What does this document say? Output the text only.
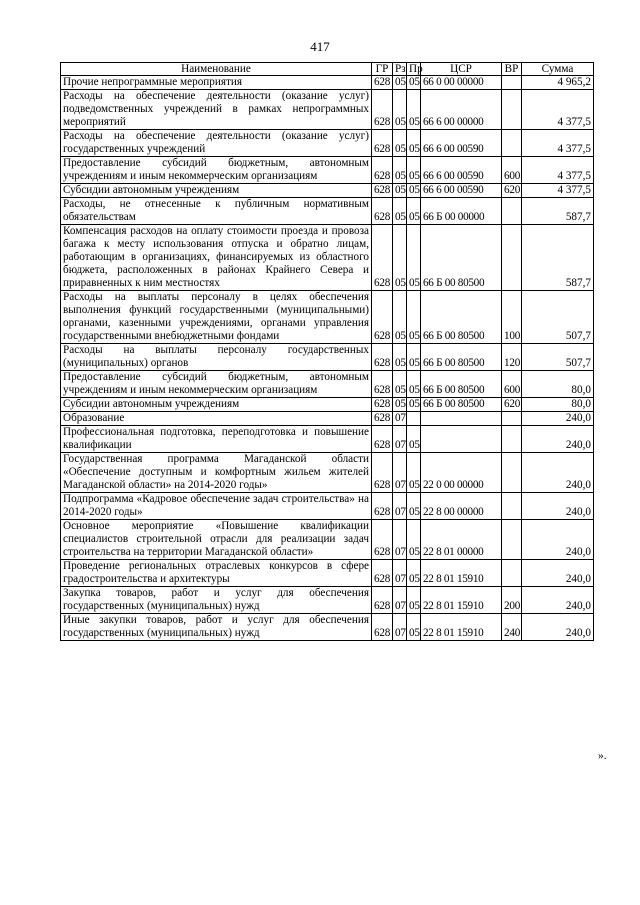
417
Наименование	ГР	Рз	Пр	ЦСР	ВР	Сумма
Прочие непрограммные мероприятия	628	05	05	66 0 00 00000		4 965,2
Расходы на обеспечение деятельности (оказание услуг) подведомственных учреждений в рамках непрограммных мероприятий	628	05	05	66 6 00 00000		4 377,5
Расходы на обеспечение деятельности (оказание услуг) государственных учреждений	628	05	05	66 6 00 00590		4 377,5
Предоставление субсидий бюджетным, автономным учреждениям и иным некоммерческим организациям	628	05	05	66 6 00 00590	600	4 377,5
Субсидии автономным учреждениям	628	05	05	66 6 00 00590	620	4 377,5
Расходы, не отнесенные к публичным нормативным обязательствам	628	05	05	66 Б 00 00000		587,7
Компенсация расходов на оплату стоимости проезда и провоза багажа к месту использования отпуска и обратно лицам, работающим в организациях, финансируемых из областного бюджета, расположенных в районах Крайнего Севера и приравненных к ним местностях	628	05	05	66 Б 00 80500		587,7
Расходы на выплаты персоналу в целях обеспечения выполнения функций государственными (муниципальными) органами, казенными учреждениями, органами управления государственными внебюджетными фондами	628	05	05	66 Б 00 80500	100	507,7
Расходы на выплаты персоналу государственных (муниципальных) органов	628	05	05	66 Б 00 80500	120	507,7
Предоставление субсидий бюджетным, автономным учреждениям и иным некоммерческим организациям	628	05	05	66 Б 00 80500	600	80,0
Субсидии автономным учреждениям	628	05	05	66 Б 00 80500	620	80,0
Образование	628	07				240,0
Профессиональная подготовка, переподготовка и повышение квалификации	628	07	05			240,0
Государственная программа Магаданской области «Обеспечение доступным и комфортным жильем жителей Магаданской области» на 2014-2020 годы»	628	07	05	22 0 00 00000		240,0
Подпрограмма «Кадровое обеспечение задач строительства» на 2014-2020 годы»	628	07	05	22 8 00 00000		240,0
Основное мероприятие «Повышение квалификации специалистов строительной отрасли для реализации задач строительства на территории Магаданской области»	628	07	05	22 8 01 00000		240,0
Проведение региональных отраслевых конкурсов в сфере градостроительства и архитектуры	628	07	05	22 8 01 15910		240,0
Закупка товаров, работ и услуг для обеспечения государственных (муниципальных) нужд	628	07	05	22 8 01 15910	200	240,0
Иные закупки товаров, работ и услуг для обеспечения государственных (муниципальных) нужд	628	07	05	22 8 01 15910	240	240,0
».
